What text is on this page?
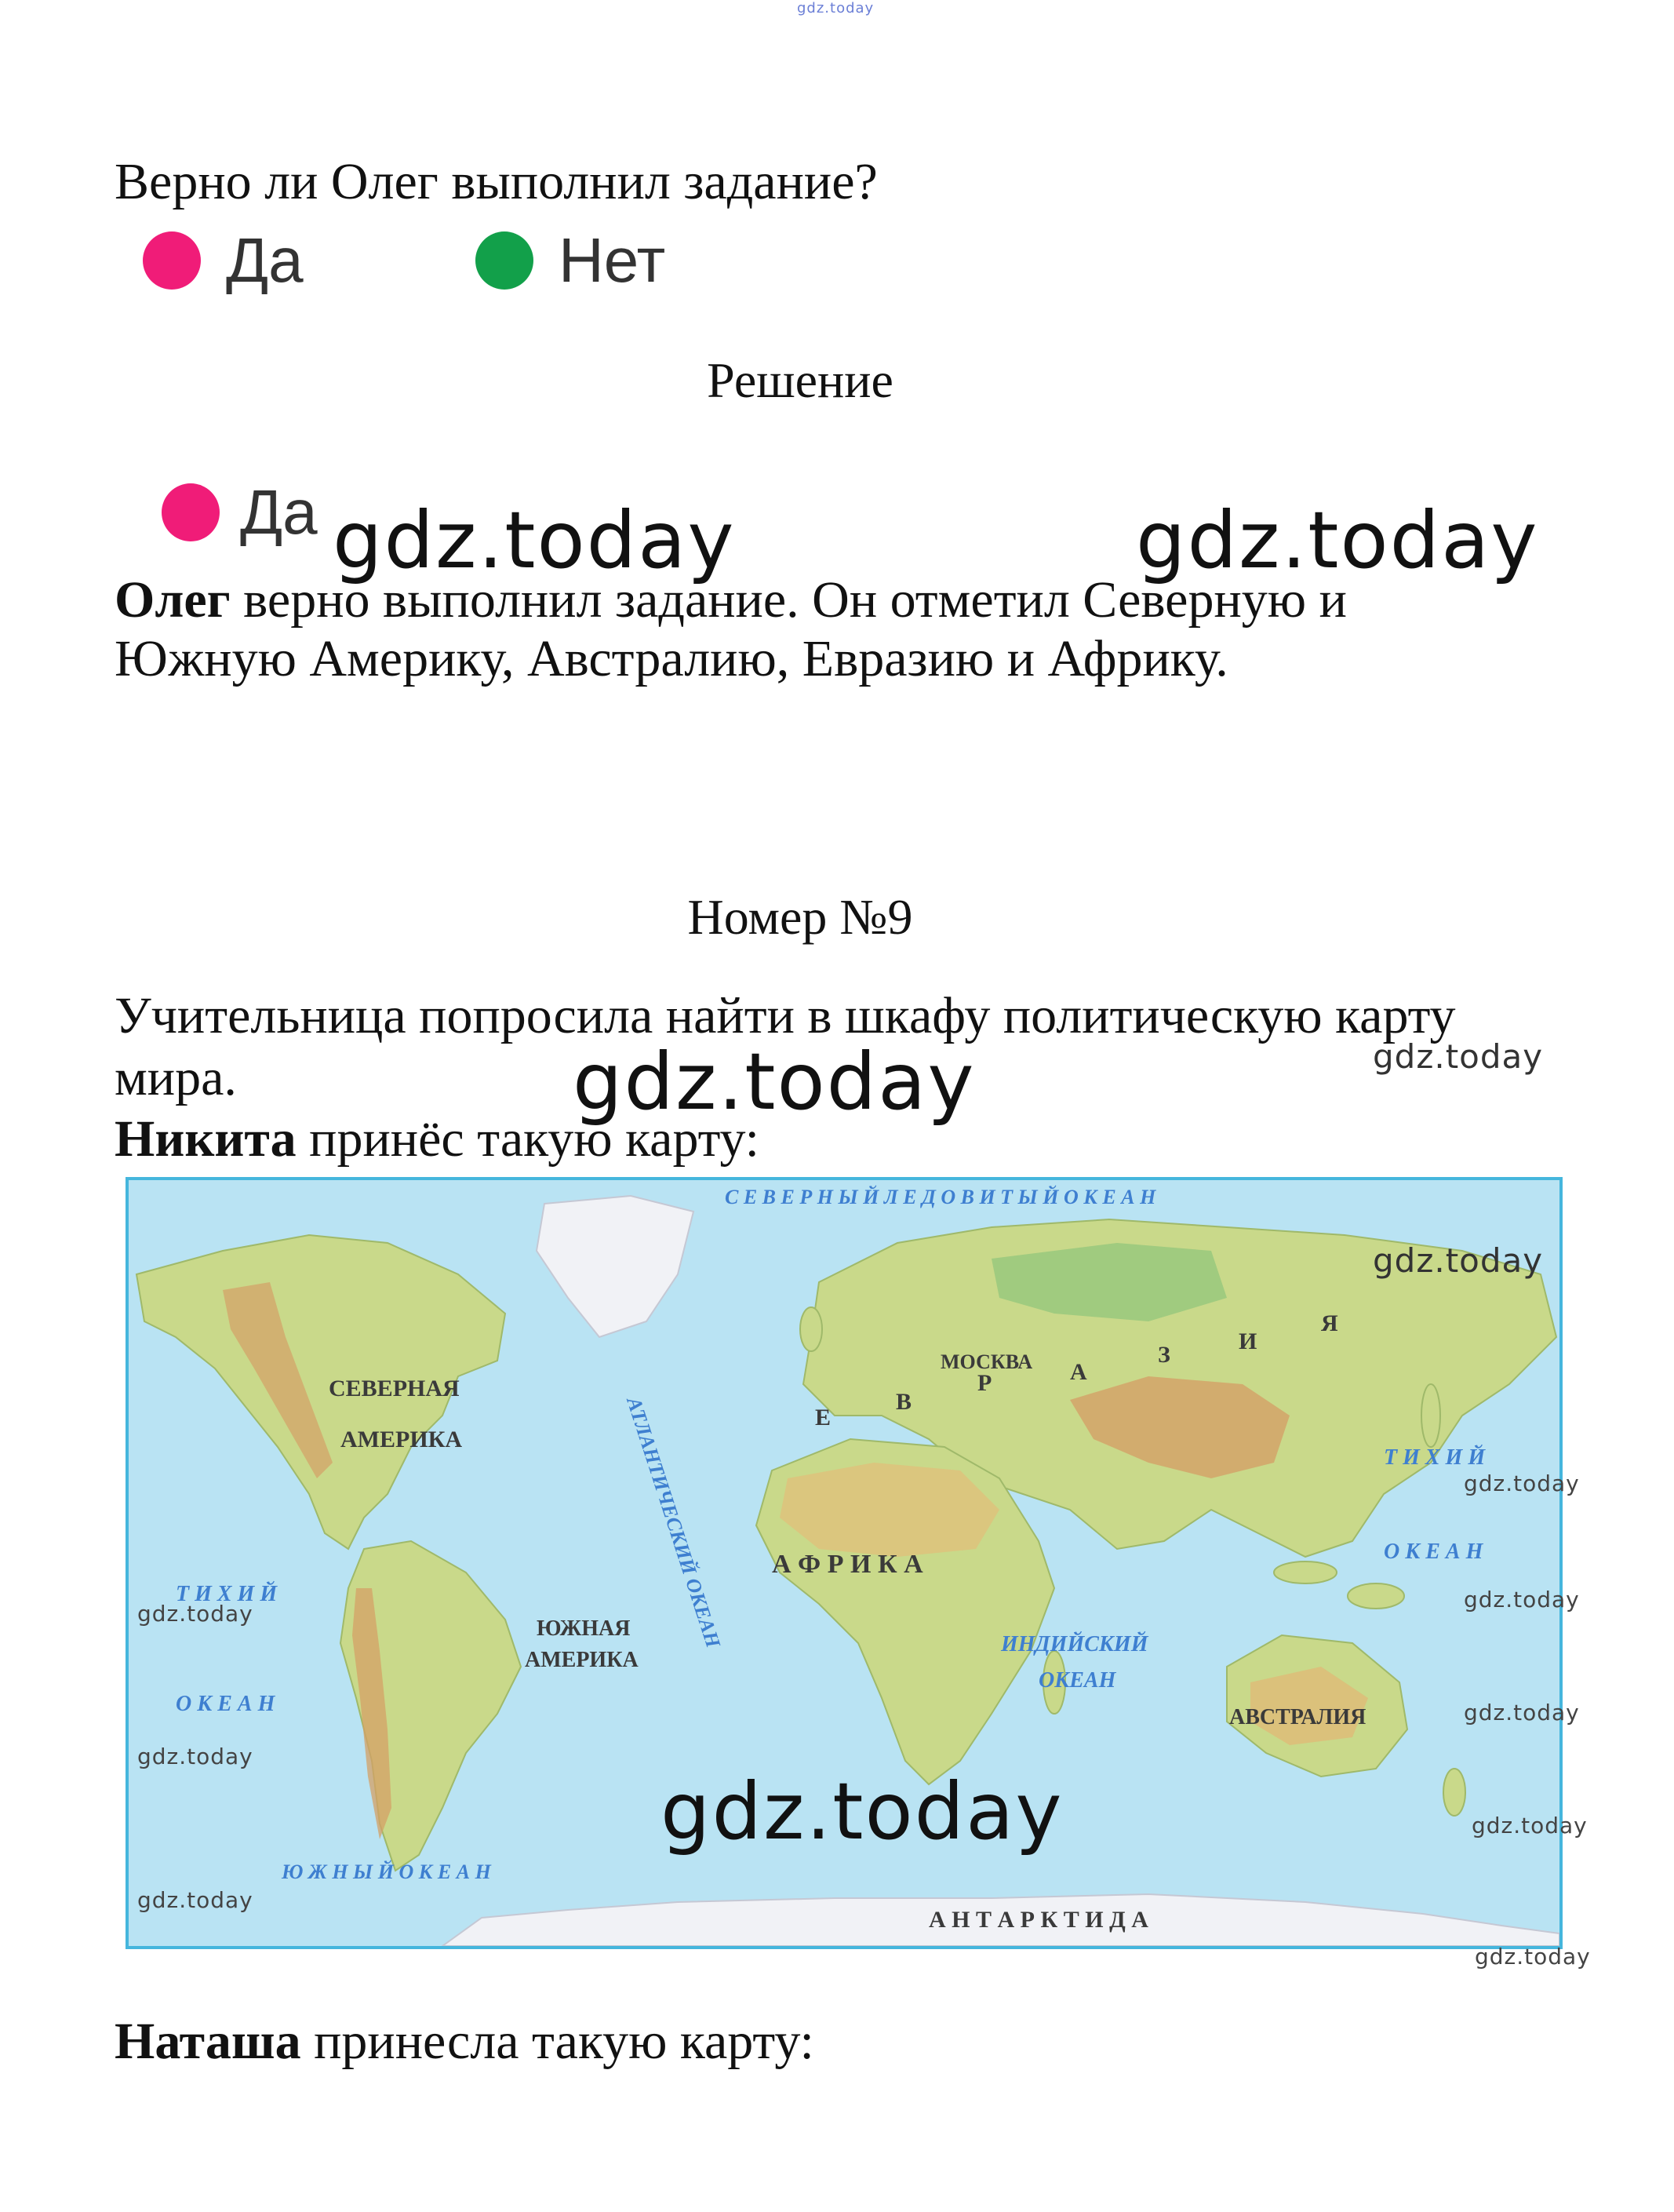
gdz.today
Верно ли Олег выполнил задание?
Да	Нет
Решение
Да gdz.today	gdz.today
Олег верно выполнил задание. Он отметил Северную и
Южную Америку, Австралию, Евразию и Африку.
Номер №9
Учительница попросила найти в шкафу политическую карту
мира.	gdz.today	gdz.today
Никита принёс такую карту:
С Е В Е Р Н Ы Й Л Е Д О В И Т Ы Й О К Е А Н
СЕВЕРНАЯ
АМЕРИКА
ЮЖНАЯ
АМЕРИКА
А Ф Р И К А
МОСКВА
Е
В
Р	А
З
И
Я
АВСТРАЛИЯ
А Н Т А Р К Т И Д А
АТЛАНТИЧЕСКИЙ ОКЕАН	ИНДИЙСКИЙ
ОКЕАН
Т И Х И Й
О К Е А Н
Т И Х И Й
О К Е А Н
Ю Ж Н Ы Й О К Е А Н
gdz.today
gdz.today
gdz.today
gdz.today
gdz.today
gdz.today
gdz.today
gdz.today
gdz.today
gdz.today
Наташа принесла такую карту:
